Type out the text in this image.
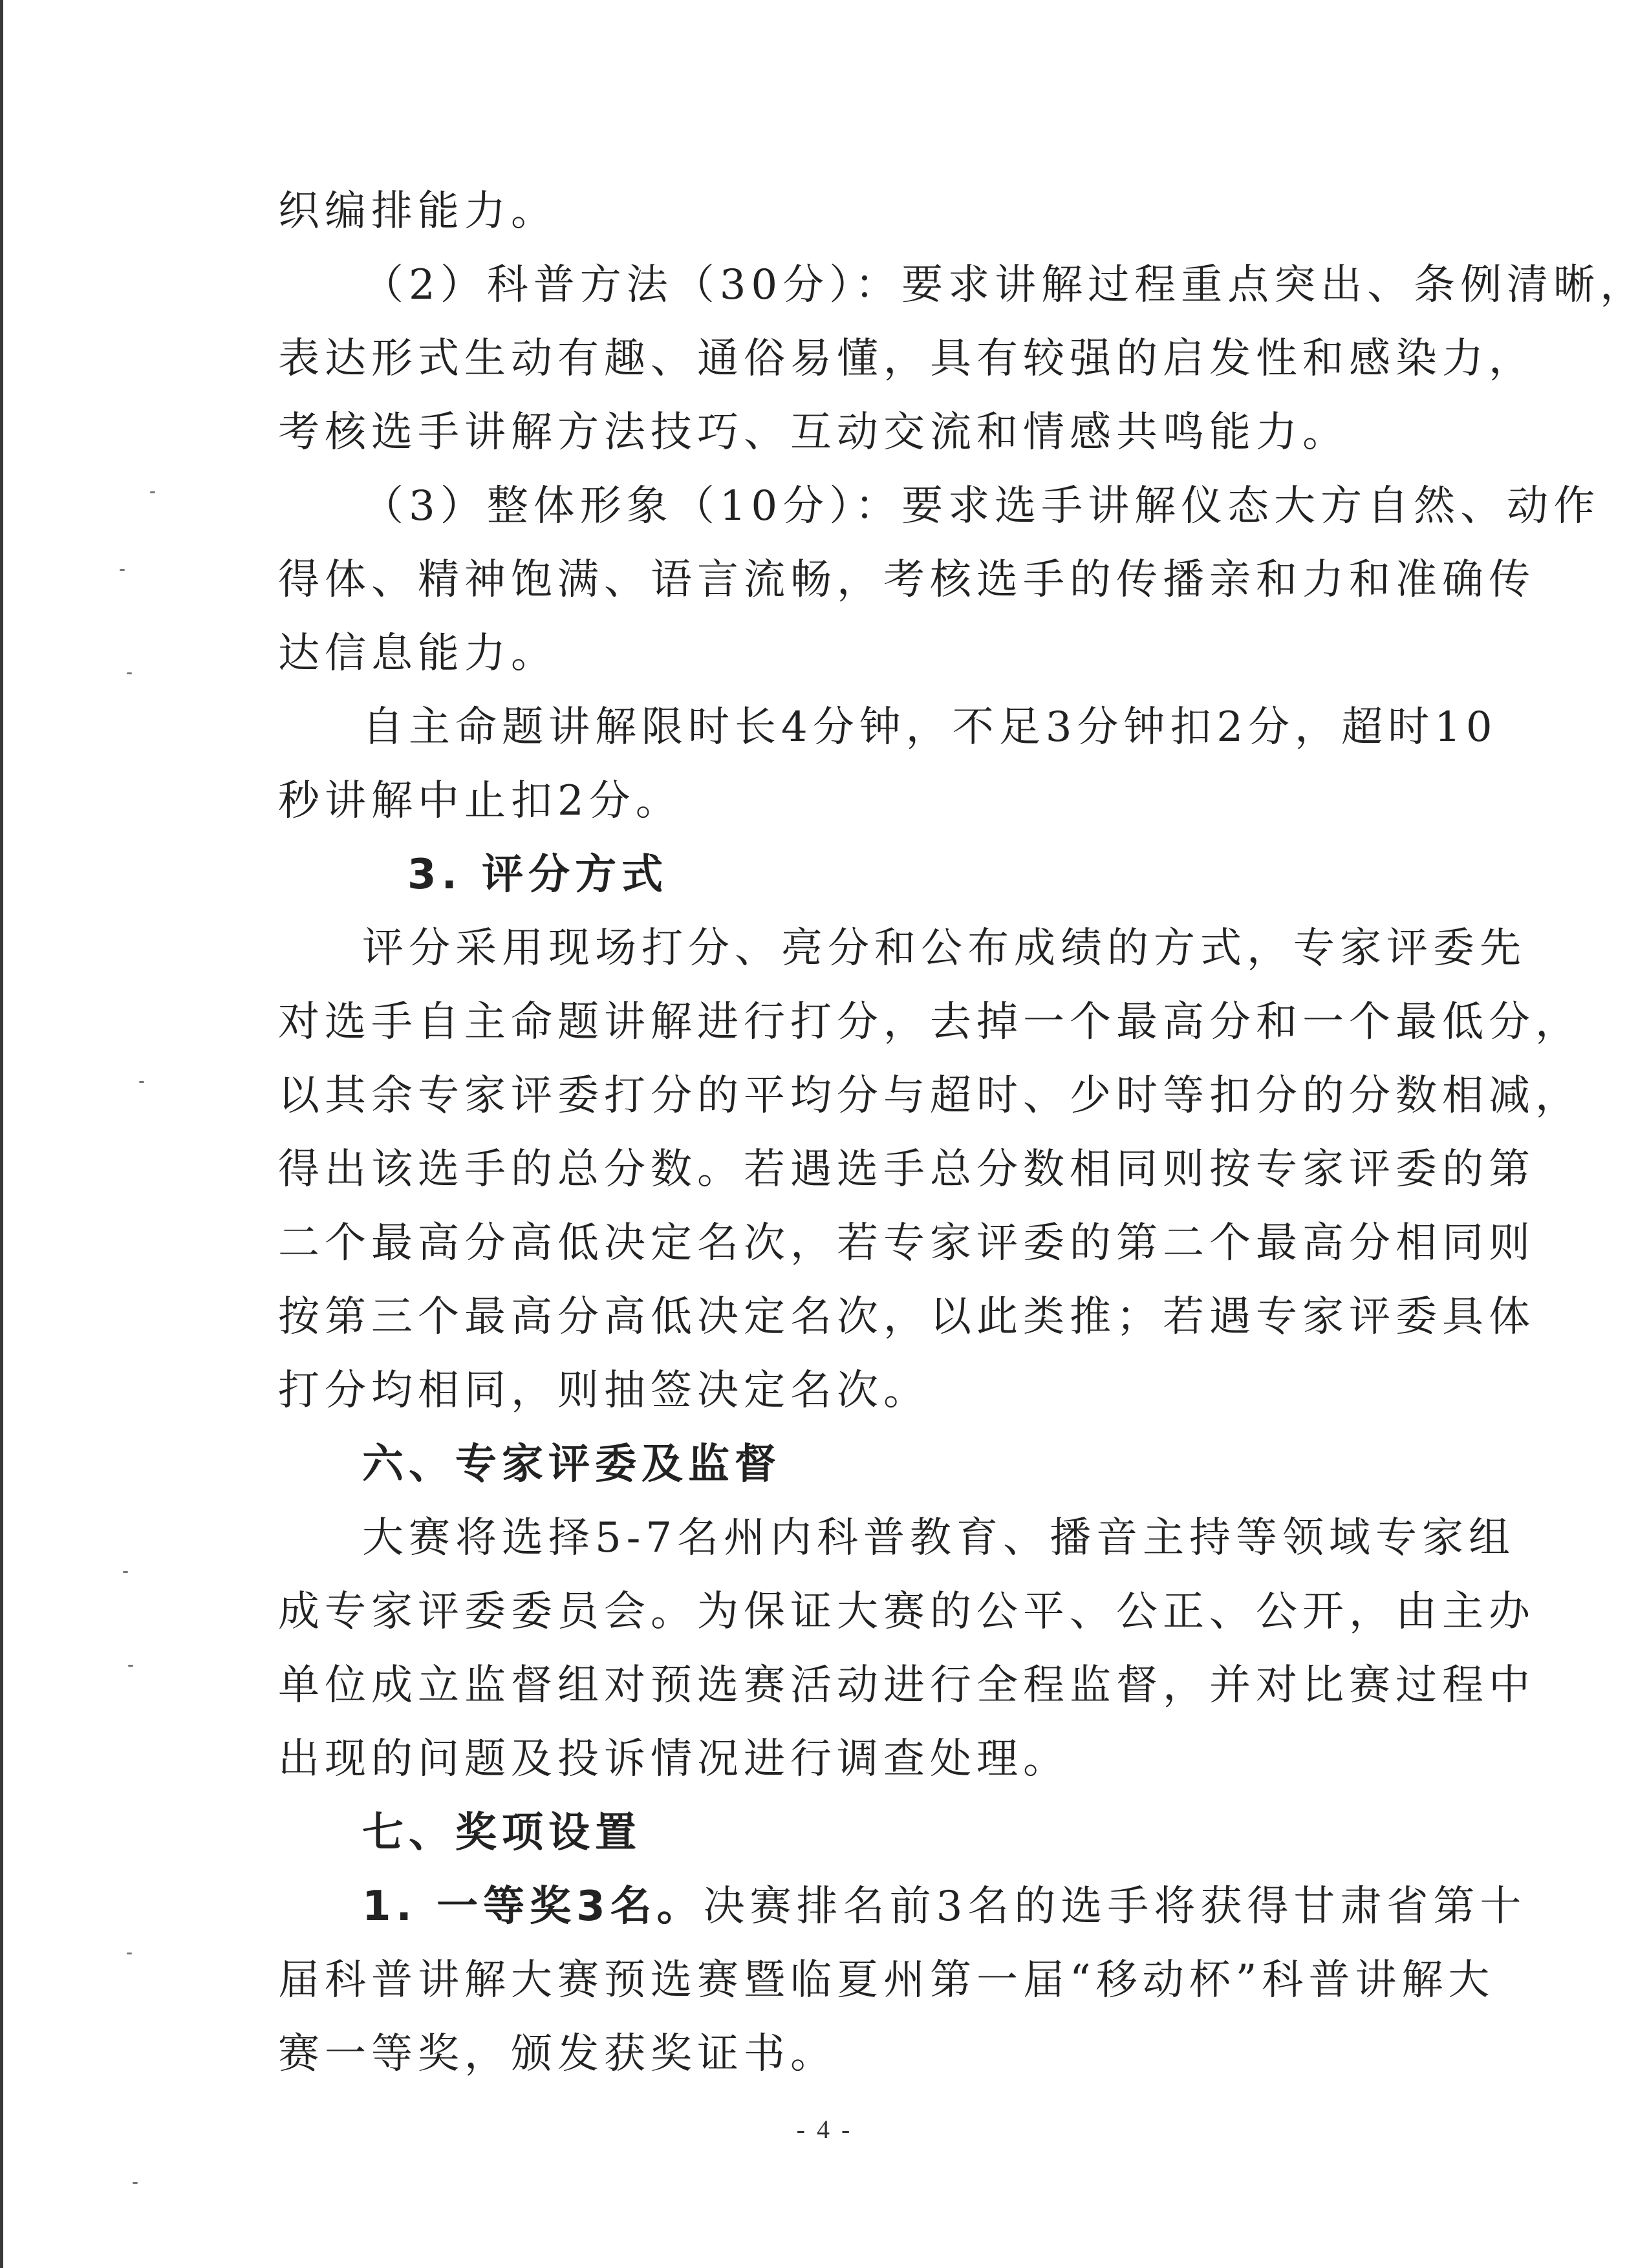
织编排能力。

（2）科普方法（30分）：要求讲解过程重点突出、条例清晰，

表达形式生动有趣、通俗易懂，具有较强的启发性和感染力，

考核选手讲解方法技巧、互动交流和情感共鸣能力。

（3）整体形象（10分）：要求选手讲解仪态大方自然、动作

得体、精神饱满、语言流畅，考核选手的传播亲和力和准确传

达信息能力。

自主命题讲解限时长4分钟，不足3分钟扣2分，超时10

秒讲解中止扣2分。

3. 评分方式

评分采用现场打分、亮分和公布成绩的方式，专家评委先

对选手自主命题讲解进行打分，去掉一个最高分和一个最低分，

以其余专家评委打分的平均分与超时、少时等扣分的分数相减，

得出该选手的总分数。若遇选手总分数相同则按专家评委的第

二个最高分高低决定名次，若专家评委的第二个最高分相同则

按第三个最高分高低决定名次，以此类推；若遇专家评委具体

打分均相同，则抽签决定名次。

六、专家评委及监督

大赛将选择5-7名州内科普教育、播音主持等领域专家组

成专家评委委员会。为保证大赛的公平、公正、公开，由主办

单位成立监督组对预选赛活动进行全程监督，并对比赛过程中

出现的问题及投诉情况进行调查处理。

七、奖项设置

1. 一等奖3名。决赛排名前3名的选手将获得甘肃省第十

届科普讲解大赛预选赛暨临夏州第一届“移动杯”科普讲解大

赛一等奖，颁发获奖证书。

- 4 -
